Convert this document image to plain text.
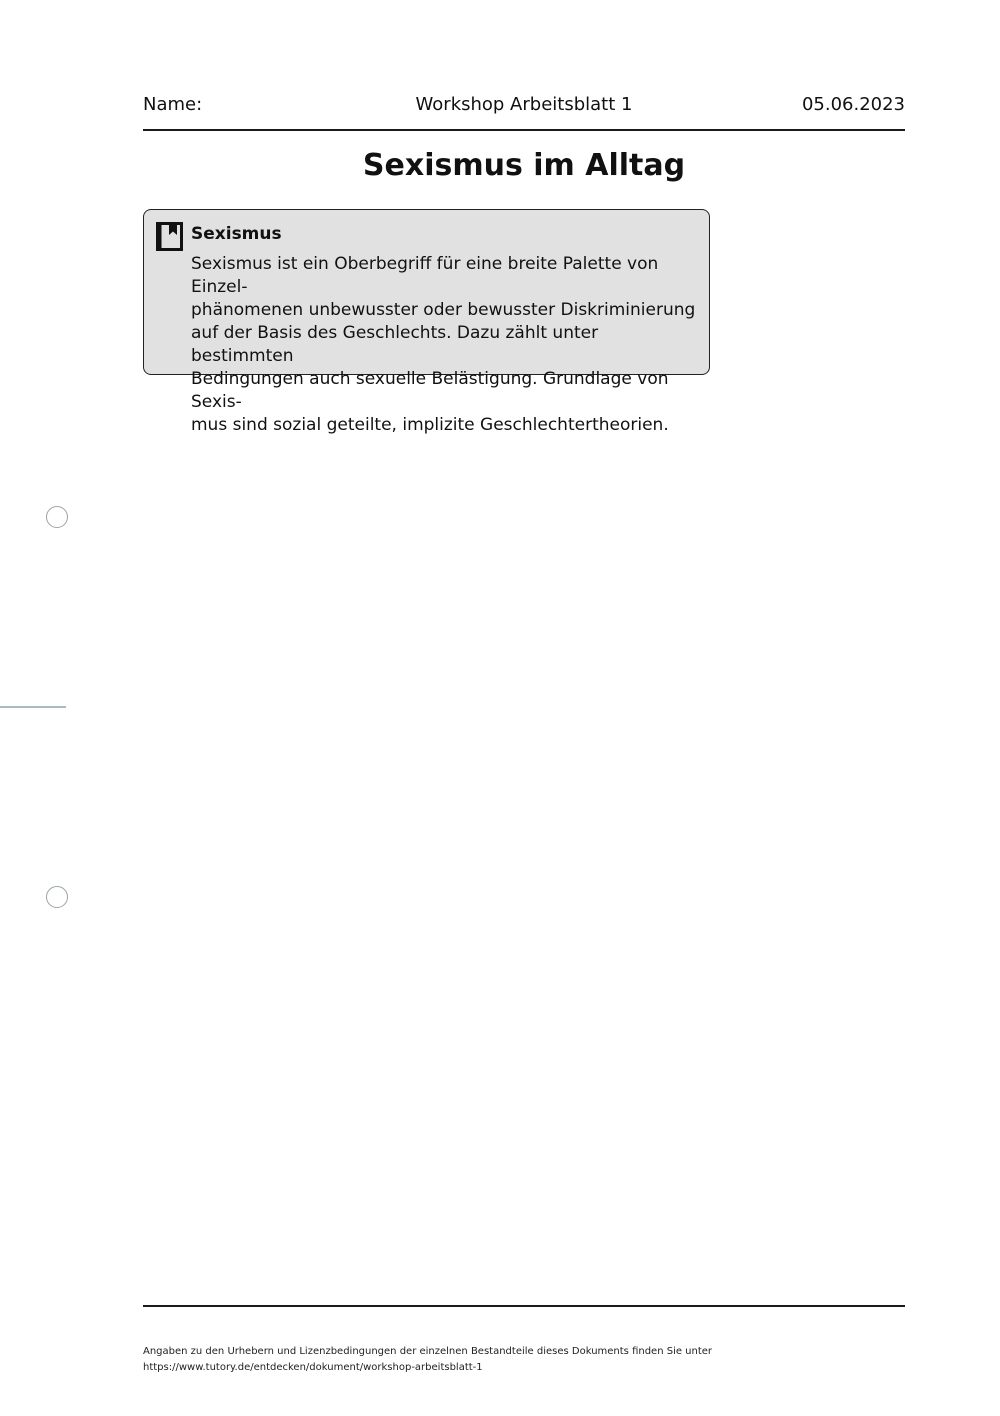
Name:	Workshop Arbeitsblatt 1	05.06.2023
Sexismus im Alltag
Sexismus

Sexismus ist ein Oberbegriff für eine breite Palette von Einzel-
phänomenen unbewusster oder bewusster Diskriminierung
auf der Basis des Geschlechts. Dazu zählt unter bestimmten
Bedingungen auch sexuelle Belästigung. Grundlage von Sexis-
mus sind sozial geteilte, implizite Geschlechtertheorien.

Angaben zu den Urhebern und Lizenzbedingungen der einzelnen Bestandteile dieses Dokuments finden Sie unter
https://www.tutory.de/entdecken/dokument/workshop-arbeitsblatt-1
